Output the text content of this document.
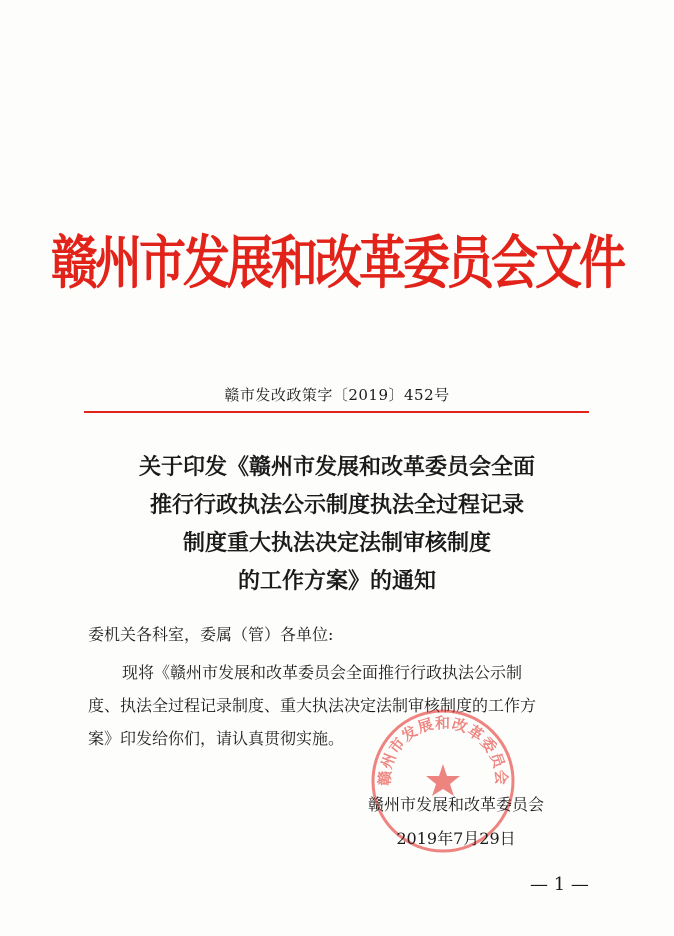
赣州市发展和改革委员会文件
赣市发改政策字〔2019〕452号
关于印发《赣州市发展和改革委员会全面
推行行政执法公示制度执法全过程记录
制度重大执法决定法制审核制度
的工作方案》的通知
委机关各科室，委属（管）各单位:
现将《赣州市发展和改革委员会全面推行行政执法公示制
度、执法全过程记录制度、重大执法决定法制审核制度的工作方
案》印发给你们，请认真贯彻实施。
赣州市发展和改革委员会
赣州市发展和改革委员会
2019年7月29日
— 1 —
